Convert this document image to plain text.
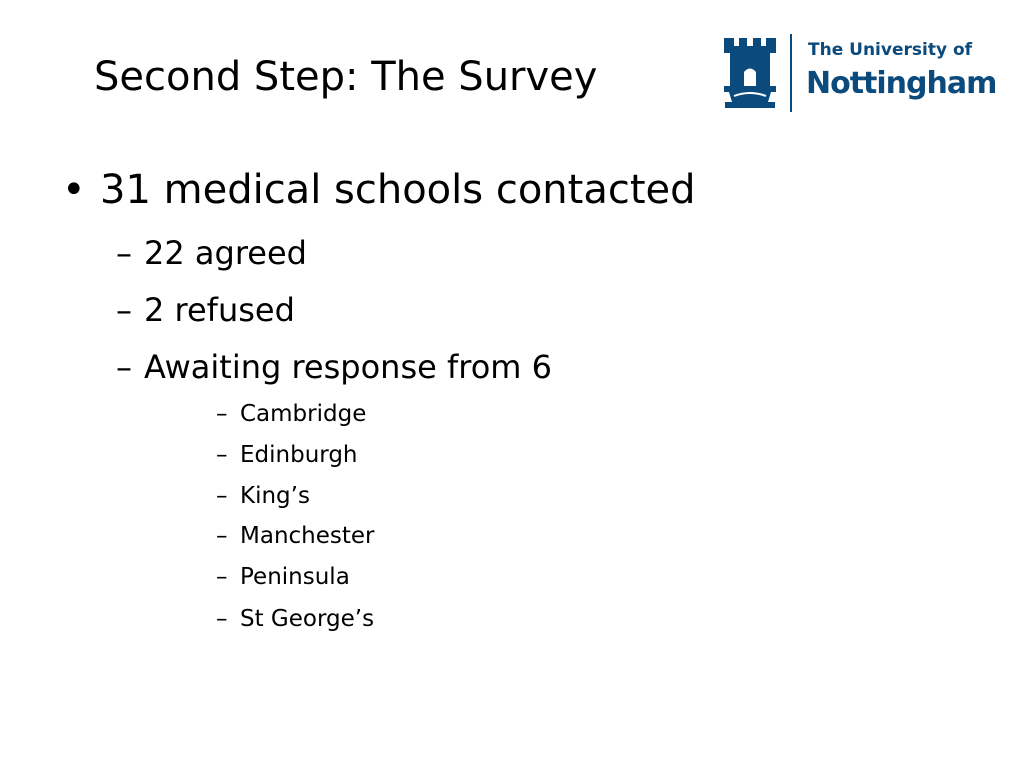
Second Step: The Survey
The University of
Nottingham
• 31 medical schools contacted
– 22 agreed
– 2 refused
– Awaiting response from 6
– Cambridge
– Edinburgh
– King’s
– Manchester
– Peninsula
– St George’s
